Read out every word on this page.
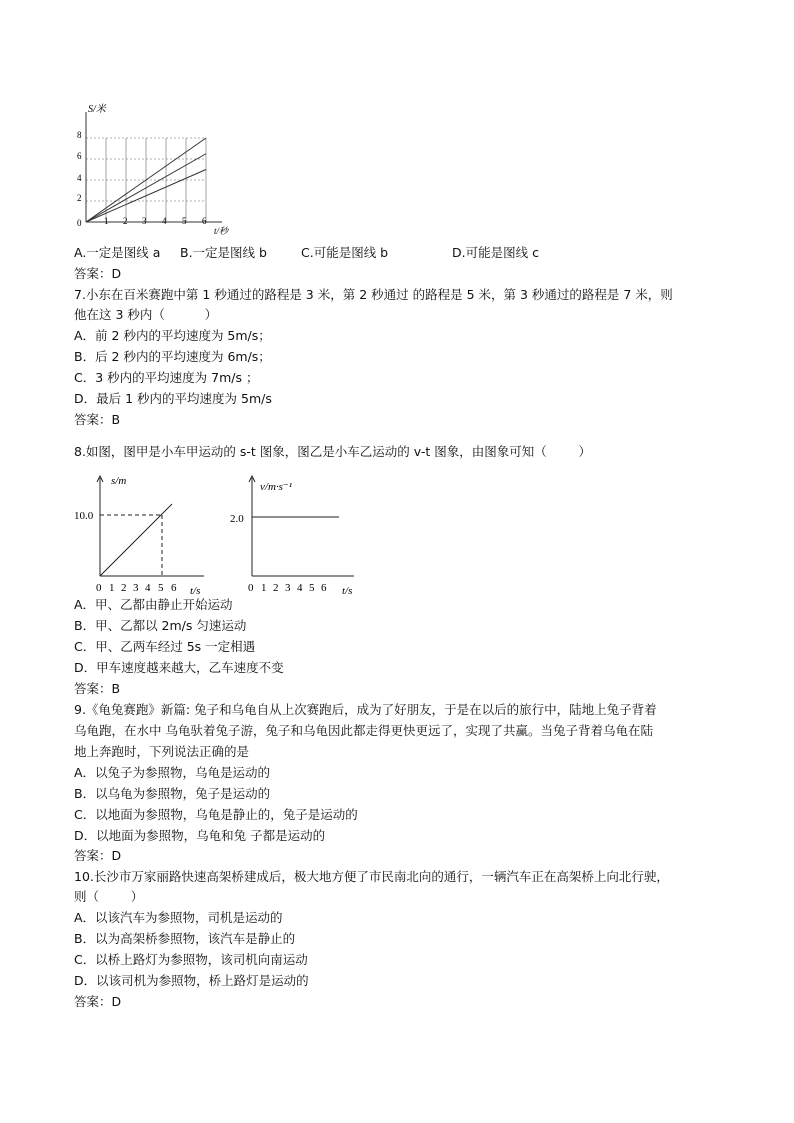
S/米
t/秒
0
2
4
6
8
1 2 3 4 5 6
A.一定是图线 a B.一定是图线 b	C.可能是图线 b	D.可能是图线 c
答案：D
7.小东在百米赛跑中第 1 秒通过的路程是 3 米，第 2 秒通过 的路程是 5 米，第 3 秒通过的路程是 7 米，则
他在这 3 秒内（          ）
A．前 2 秒内的平均速度为 5m/s；
B．后 2 秒内的平均速度为 6m/s；
C．3 秒内的平均速度为 7m/s ；
D．最后 1 秒内的平均速度为 5m/s
答案：B
8.如图，图甲是小车甲运动的 s-t 图象，图乙是小车乙运动的 v-t 图象，由图象可知（        ）
s/m
10.0
0 1 2 3 4 5 6 t/s
v/m·s⁻¹
2.0
0 1 2 3 4 5 6 t/s
A．甲、乙都由静止开始运动
B．甲、乙都以 2m/s 匀速运动
C．甲、乙两车经过 5s 一定相遇
D．甲车速度越来越大，乙车速度不变
答案：B
9.《龟兔赛跑》新篇: 兔子和乌龟自从上次赛跑后，成为了好朋友，于是在以后的旅行中，陆地上兔子背着
乌龟跑，在水中 乌龟驮着兔子游，兔子和乌龟因此都走得更快更远了，实现了共赢。当兔子背着乌龟在陆
地上奔跑时，下列说法正确的是
A．以兔子为参照物，乌龟是运动的
B．以乌龟为参照物，兔子是运动的
C．以地面为参照物，乌龟是静止的，兔子是运动的
D．以地面为参照物，乌龟和兔 子都是运动的
答案：D
10.长沙市万家丽路快速高架桥建成后，极大地方便了市民南北向的通行，一辆汽车正在高架桥上向北行驶，
则（        ）
A．以该汽车为参照物，司机是运动的
B．以为高架桥参照物，该汽车是静止的
C．以桥上路灯为参照物，该司机向南运动
D．以该司机为参照物，桥上路灯是运动的
答案：D
